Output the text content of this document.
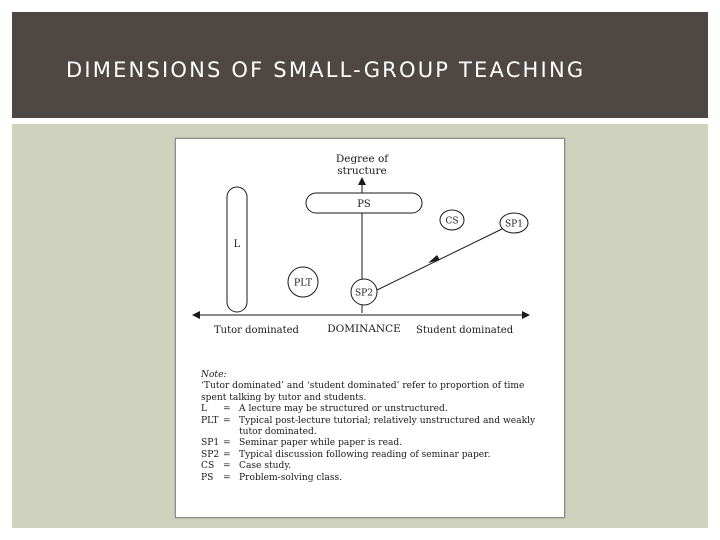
DIMENSIONS OF SMALL-GROUP TEACHING
Degree of
structure
L
PS
CS	SP1
PLT
SP2
Tutor dominated	DOMINANCE Student dominated
Note:
‘Tutor dominated’ and ‘student dominated’ refer to proportion of time spent talking by tutor and students.
L	= A lecture may be structured or unstructured.
PLT = Typical post-lecture tutorial; relatively unstructured and weakly tutor dominated.
SP1 = Seminar paper while paper is read.
SP2 = Typical discussion following reading of seminar paper.
CS = Case study.
PS	= Problem-solving class.
